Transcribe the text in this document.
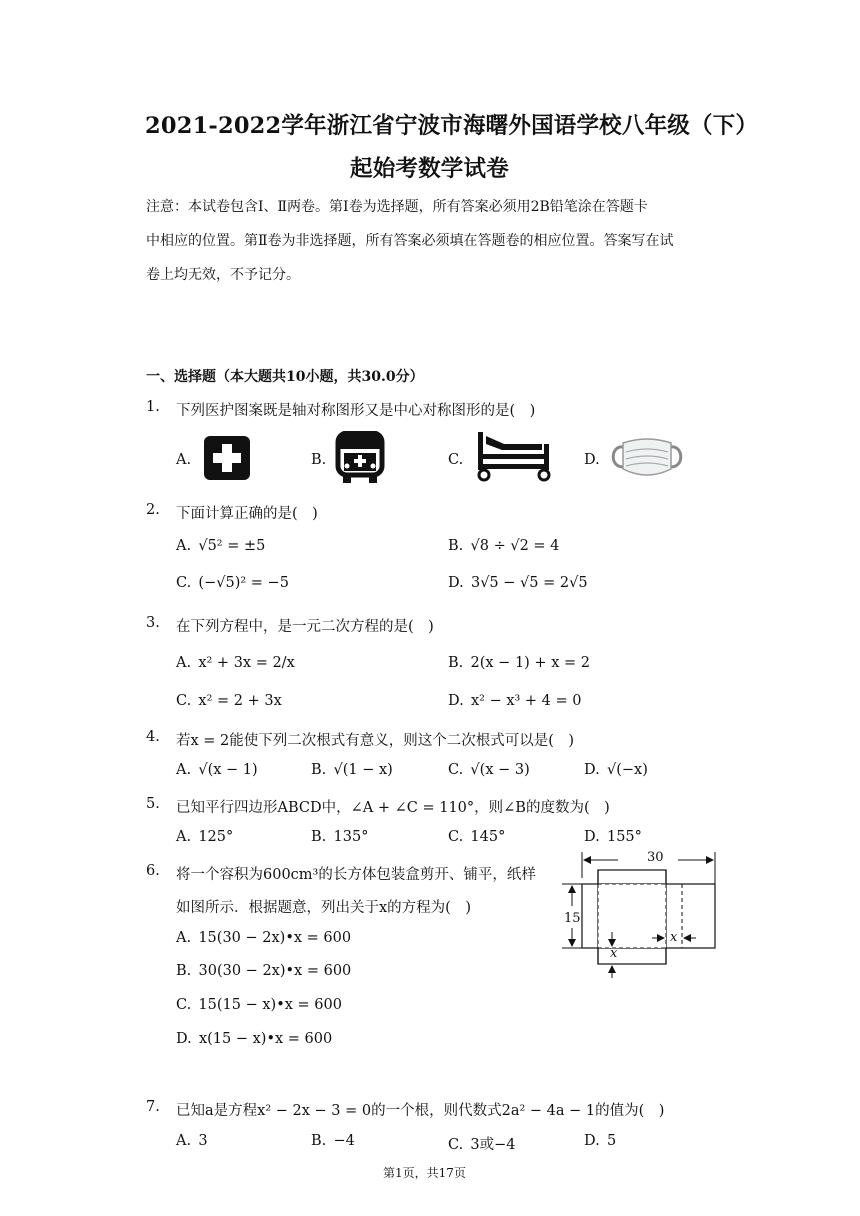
2021-2022学年浙江省宁波市海曙外国语学校八年级（下）
起始考数学试卷
注意：本试卷包含Ⅰ、Ⅱ两卷。第Ⅰ卷为选择题，所有答案必须用2B铅笔涂在答题卡
中相应的位置。第Ⅱ卷为非选择题，所有答案必须填在答题卷的相应位置。答案写在试
卷上均无效，不予记分。
一、选择题（本大题共10小题，共30.0分）
1. 下列医护图案既是轴对称图形又是中心对称图形的是(  )
A.	B.	C.	D.
2. 下面计算正确的是(  )
A. √5² = ±5	B. √8 ÷ √2 = 4
C. (−√5)² = −5	D. 3√5 − √5 = 2√5
3. 在下列方程中，是一元二次方程的是(  )
A. x² + 3x = 2/x	B. 2(x − 1) + x = 2
C. x² = 2 + 3x	D. x² − x³ + 4 = 0
4. 若x = 2能使下列二次根式有意义，则这个二次根式可以是(  )
A. √(x − 1)	B. √(1 − x)	C. √(x − 3)	D. √(−x)
5. 已知平行四边形ABCD中，∠A + ∠C = 110°，则∠B的度数为(  )
A. 125°	B. 135°	C. 145°	D. 155°
6. 将一个容积为600cm³的长方体包装盒剪开、铺平，纸样
如图所示．根据题意，列出关于x的方程为(  )
A. 15(30 − 2x)•x = 600
B. 30(30 − 2x)•x = 600
C. 15(15 − x)•x = 600
D. x(15 − x)•x = 600
30
15
x
x
7. 已知a是方程x² − 2x − 3 = 0的一个根，则代数式2a² − 4a − 1的值为(  )
A. 3	B. −4	C. 3或−4	D. 5
第1页，共17页
